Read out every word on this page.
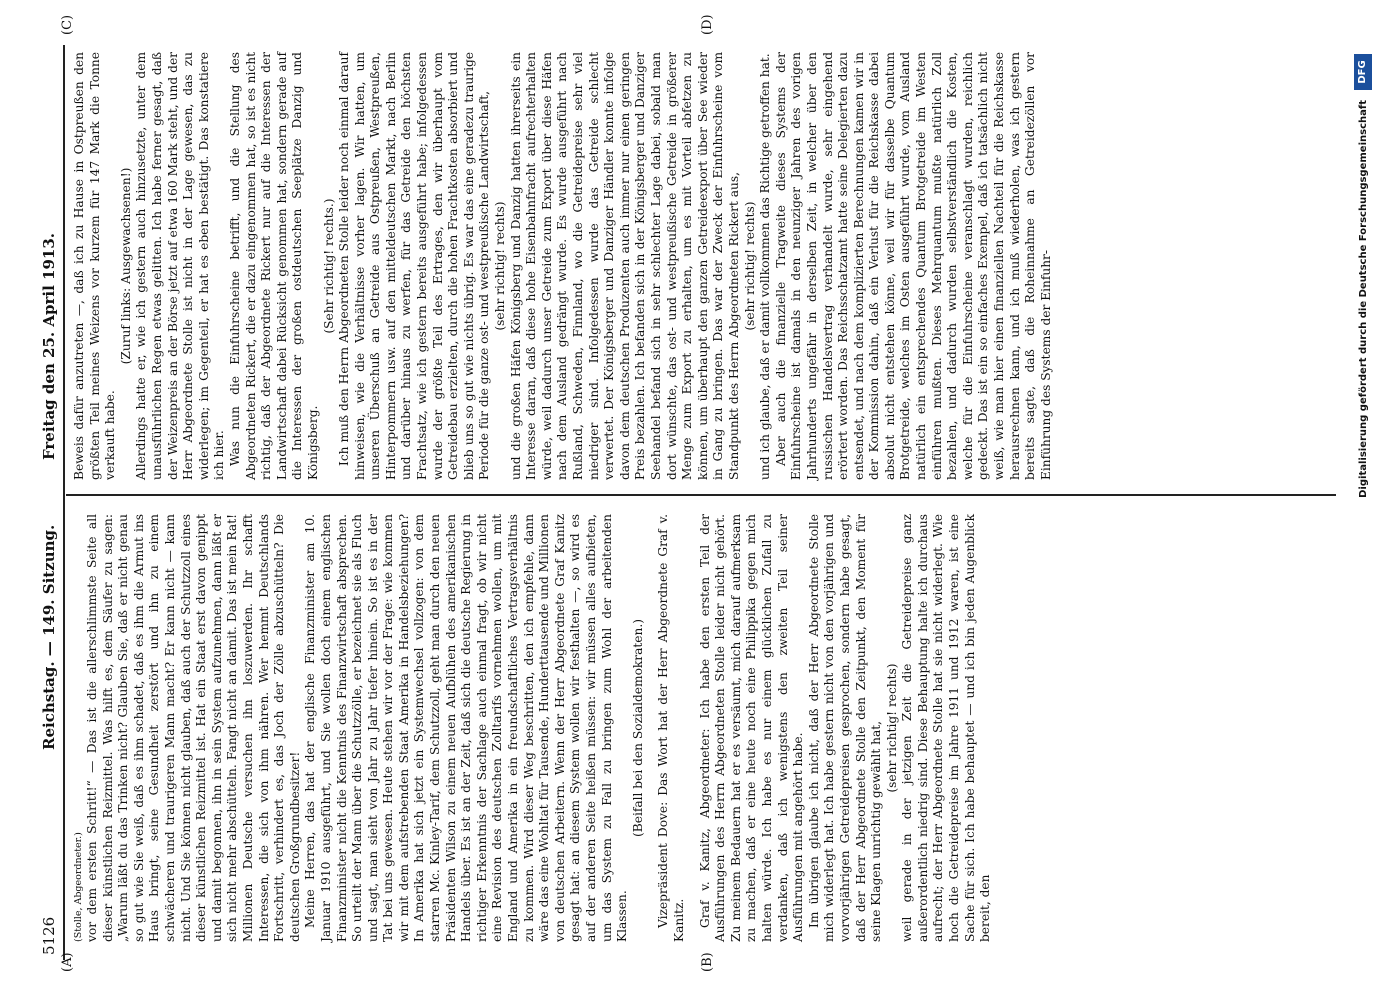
5126
Reichstag. — 149. Sitzung.
Freitag den 25. April 1913.
(A)	(B)
(C)	(D)

(Stolle, Abgeordneter.) vor dem ersten Schritt!“ — Das ist die allerschlimmste Seite all dieser künstlichen Reizmittel. Was hilft es, dem Säufer zu sagen: „Warum läßt du das Trinken nicht? Glauben Sie, daß er nicht genau so gut wie Sie weiß, daß es ihm schadet, daß es ihm die Armut ins Haus bringt, seine Gesundheit zerstört und ihn zu einem schwächeren und traurigeren Mann macht? Er kann nicht — kann nicht. Und Sie können nicht glauben, daß auch der Schutzzoll eines dieser künstlichen Reizmittel ist. Hat ein Staat erst davon genippt und damit begonnen, ihn in sein System aufzunehmen, dann läßt er sich nicht mehr abschütteln. Fangt nicht an damit. Das ist mein Rat! Millionen Deutsche versuchen ihn loszuwerden. Ihr schafft Interessen, die sich von ihm nähren. Wer hemmt Deutschlands Fortschritt, verhindert es, das Joch der Zölle abzuschütteln? Die deutschen Großgrundbesitzer! Meine Herren, das hat der englische Finanzminister am 10. Januar 1910 ausgeführt, und Sie wollen doch einem englischen Finanzminister nicht die Kenntnis des Finanzwirtschaft absprechen. So urteilt der Mann über die Schutzzölle, er bezeichnet sie als Fluch und sagt, man sieht von Jahr zu Jahr tiefer hinein. So ist es in der Tat bei uns gewesen. Heute stehen wir vor der Frage: wie kommen wir mit dem aufstrebenden Staat Amerika in Handelsbeziehungen? In Amerika hat sich jetzt ein Systemwechsel vollzogen: von dem starren Mc. Kinley-Tarif, dem Schutzzoll, geht man durch den neuen Präsidenten Wilson zu einem neuen Aufblühen des amerikanischen Handels über. Es ist an der Zeit, daß sich die deutsche Regierung in richtiger Erkenntnis der Sachlage auch einmal fragt, ob wir nicht eine Revision des deutschen Zolltarifs vornehmen wollen, um mit England und Amerika in ein freundschaftliches Vertragsverhältnis zu kommen. Wird dieser Weg beschritten, den ich empfehle, dann wäre das eine Wohltat für Tausende, Hunderttausende und Millionen von deutschen Arbeitern. Wenn der Herr Abgeordnete Graf Kanitz gesagt hat: an diesem System wollen wir festhalten —, so wird es auf der anderen Seite heißen müssen: wir müssen alles aufbieten, um das System zu Fall zu bringen zum Wohl der arbeitenden Klassen.

(Beifall bei den Sozialdemokraten.) Vizepräsident Dove: Das Wort hat der Herr Abgeordnete Graf v. Kanitz. Graf v. Kanitz, Abgeordneter: Ich habe den ersten Teil der Ausführungen des Herrn Abgeordneten Stolle leider nicht gehört. Zu meinem Bedauern hat er es versäumt, mich darauf aufmerksam zu machen, daß er eine heute noch eine Philippika gegen mich halten würde. Ich habe es nur einem glücklichen Zufall zu verdanken, daß ich wenigstens den zweiten Teil seiner Ausführungen mit angehört habe. Im übrigen glaube ich nicht, daß der Herr Abgeordnete Stolle mich widerlegt hat. Ich habe gestern nicht von den vorjährigen und vorvorjährigen Getreidepreisen gesprochen, sondern habe gesagt, daß der Herr Abgeordnete Stolle den Zeitpunkt, den Moment für seine Klagen unrichtig gewählt hat, (sehr richtig! rechts) weil gerade in der jetzigen Zeit die Getreidepreise ganz außerordentlich niedrig sind. Diese Behauptung halte ich durchaus aufrecht; der Herr Abgeordnete Stolle hat sie nicht widerlegt. Wie hoch die Getreidepreise im Jahre 1911 und 1912 waren, ist eine Sache für sich. Ich habe behauptet — und ich bin jeden Augenblick bereit, den

Beweis dafür anzutreten —, daß ich zu Hause in Ostpreußen den größten Teil meines Weizens vor kurzem für 147 Mark die Tonne verkauft habe.

(Zuruf links: Ausgewachsenen!) Allerdings hatte er, wie ich gestern auch hinzusetzte, unter dem unausführlichen Regen etwas gelitten. Ich habe ferner gesagt, daß der Weizenpreis an der Börse jetzt auf etwa 160 Mark steht, und der Herr Abgeordnete Stolle ist nicht in der Lage gewesen, das zu widerlegen; im Gegenteil, er hat es eben bestätigt. Das konstatiere ich hier. Was nun die Einfuhrscheine betrifft, und die Stellung des Abgeordneten Rickert, die er dazu eingenommen hat, so ist es nicht richtig, daß der Abgeordnete Rickert nur auf die Interessen der Landwirtschaft dabei Rücksicht genommen hat, sondern gerade auf die Interessen der großen ostdeutschen Seeplätze Danzig und Königsberg.

(Sehr richtig! rechts.) Ich muß den Herrn Abgeordneten Stolle leider noch einmal darauf hinweisen, wie die Verhältnisse vorher lagen. Wir hatten, um unseren Überschuß an Getreide aus Ostpreußen, Westpreußen, Hinterpommern usw. auf den mitteldeutschen Markt, nach Berlin und darüber hinaus zu werfen, für das Getreide den höchsten Frachtsatz, wie ich gestern bereits ausgeführt habe; infolgedessen wurde der größte Teil des Ertrages, den wir überhaupt vom Getreidebau erzielten, durch die hohen Frachtkosten absorbiert und blieb uns so gut wie nichts übrig. Es war das eine geradezu traurige Periode für die ganze ost- und westpreußische Landwirtschaft, (sehr richtig! rechts) und die großen Häfen Königsberg und Danzig hatten ihrerseits ein Interesse daran, daß diese hohe Eisenbahnfracht aufrechterhalten würde, weil dadurch unser Getreide zum Export über diese Häfen nach dem Ausland gedrängt wurde. Es wurde ausgeführt nach Rußland, Schweden, Finnland, wo die Getreidepreise sehr viel niedriger sind. Infolgedessen wurde das Getreide schlecht verwertet. Der Königsberger und Danziger Händler konnte infolge davon dem deutschen Produzenten auch immer nur einen geringen Preis bezahlen. Ich befanden sich in der Königsberger und Danziger Seehandel befand sich in sehr schlechter Lage dabei, sobald man dort wünschte, das ost- und westpreußische Getreide in größerer Menge zum Export zu erhalten, um es mit Vorteil abfetzen zu können, um überhaupt den ganzen Getreideexport über See wieder in Gang zu bringen. Das war der Zweck der Einfuhrscheine vom Standpunkt des Herrn Abgeordneten Rickert aus, (sehr richtig! rechts) und ich glaube, daß er damit vollkommen das Richtige getroffen hat. Aber auch die finanzielle Tragweite dieses Systems der Einfuhrscheine ist damals in den neunziger Jahren des vorigen Jahrhunderts ungefähr in derselben Zeit, in welcher über den russischen Handelsvertrag verhandelt wurde, sehr eingehend erörtert worden. Das Reichsschatzamt hatte seine Delegierten dazu entsendet, und nach dem komplizierten Berechnungen kamen wir in der Kommission dahin, daß ein Verlust für die Reichskasse dabei absolut nicht entstehen könne, weil wir für dasselbe Quantum Brotgetreide, welches im Osten ausgeführt wurde, vom Ausland natürlich ein entsprechendes Quantum Brotgetreide im Westen einführen mußten. Dieses Mehrquantum mußte natürlich Zoll bezahlen, und dadurch wurden selbstverständlich die Kosten, welche für die Einfuhrscheine veranschlagt wurden, reichlich gedeckt. Das ist ein so einfaches Exempel, daß ich tatsächlich nicht weiß, wie man hier einen finanziellen Nachteil für die Reichskasse herausrechnen kann, und ich muß wiederholen, was ich gestern bereits sagte, daß die Roheinnahme an Getreidezöllen vor Einführung des Systems der Einfuhr-	Digitalisierung gefördert durch die Deutsche Forschungsgemeinschaft
DFG
